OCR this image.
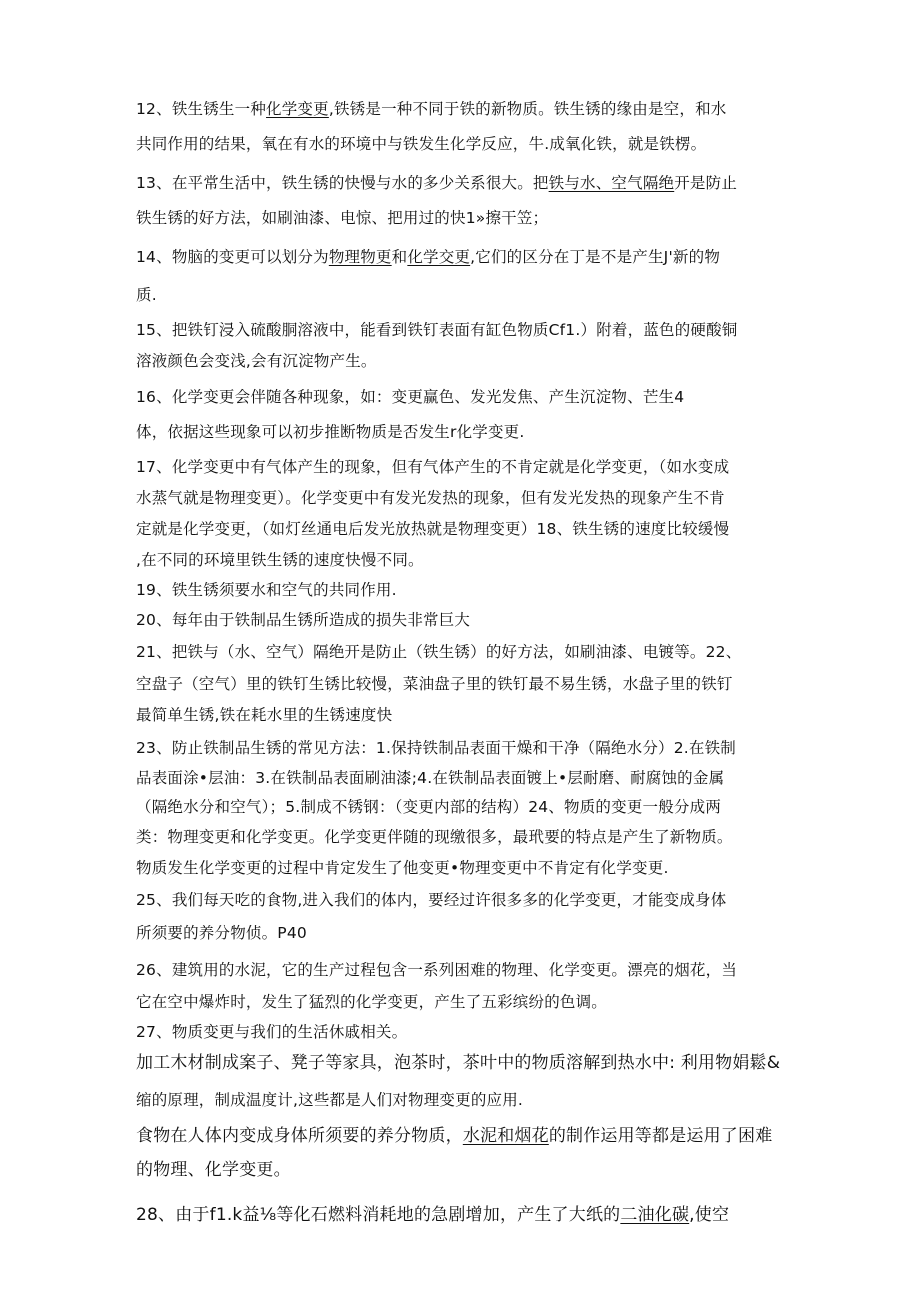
12、铁生锈生一种化学变更,铁锈是一种不同于铁的新物质。铁生锈的缘由是空，和水
共同作用的结果，氧在有水的环境中与铁发生化学反应，牛.成氧化铁，就是铁楞。
13、在平常生活中，铁生锈的快慢与水的多少关系很大。把铁与水、空气隔绝开是防止
铁生锈的好方法，如刷油漆、电惊、把用过的快1»擦干笠；
14、物脑的变更可以划分为物理物更和化学交更,它们的区分在丁是不是产生J'新的物
质.
15、把铁钉浸入硫酸胴溶液中，能看到铁钉表面有缸色物质Cf1.）附着，蓝色的硬酸铜
溶液颜色会变浅,会有沉淀物产生。
16、化学变更会伴随各种现象，如：变更赢色、发光发焦、产生沉淀物、芒生4
体，依据这些现象可以初步推断物质是否发生r化学变更.
17、化学变更中有气体产生的现象，但有气体产生的不肯定就是化学变更，（如水变成
水蒸气就是物理变更）。化学变更中有发光发热的现象，但有发光发热的现象产生不肯
定就是化学变更，（如灯丝通电后发光放热就是物理变更）18、铁生锈的速度比较缓慢
,在不同的环境里铁生锈的速度快慢不同。
19、铁生锈须要水和空气的共同作用.
20、每年由于铁制品生锈所造成的损失非常巨大
21、把铁与（水、空气）隔绝开是防止（铁生锈）的好方法，如刷油漆、电镀等。22、
空盘子（空气）里的铁钉生锈比较慢，菜油盘子里的铁钉最不易生锈，水盘子里的铁钉
最简单生锈,铁在耗水里的生锈速度快
23、防止铁制品生锈的常见方法：1.保持铁制品表面干燥和干净（隔绝水分）2.在铁制
品表面涂•层油：3.在铁制品表面刷油漆;4.在铁制品表面镀上•层耐磨、耐腐蚀的金属
（隔绝水分和空气）；5.制成不锈钢：（变更内部的结构）24、物质的变更一般分成两
类：物理变更和化学变更。化学变更伴随的现缴很多，最玳要的特点是产生了新物质。
物质发生化学变更的过程中肯定发生了他变更•物理变更中不肯定有化学变更.
25、我们每天吃的食物,进入我们的体内，要经过许很多多的化学变更，才能变成身体
所须要的养分物侦。P40
26、建筑用的水泥，它的生产过程包含一系列困难的物理、化学变更。漂亮的烟花，当
它在空中爆炸时，发生了猛烈的化学变更，产生了五彩缤纷的色调。
27、物质变更与我们的生活休戚相关。
加工木材制成案子、凳子等家具，泡茶时，茶叶中的物质溶解到热水中: 利用物娟鬆&
缩的原理，制成温度计,这些都是人们对物理变更的应用.
食物在人体内变成身体所须要的养分物质，水泥和烟花的制作运用等都是运用了困难
的物理、化学变更。
28、由于f1.k益⅛等化石燃料消耗地的急剧增加，产生了大纸的二油化碳,使空
